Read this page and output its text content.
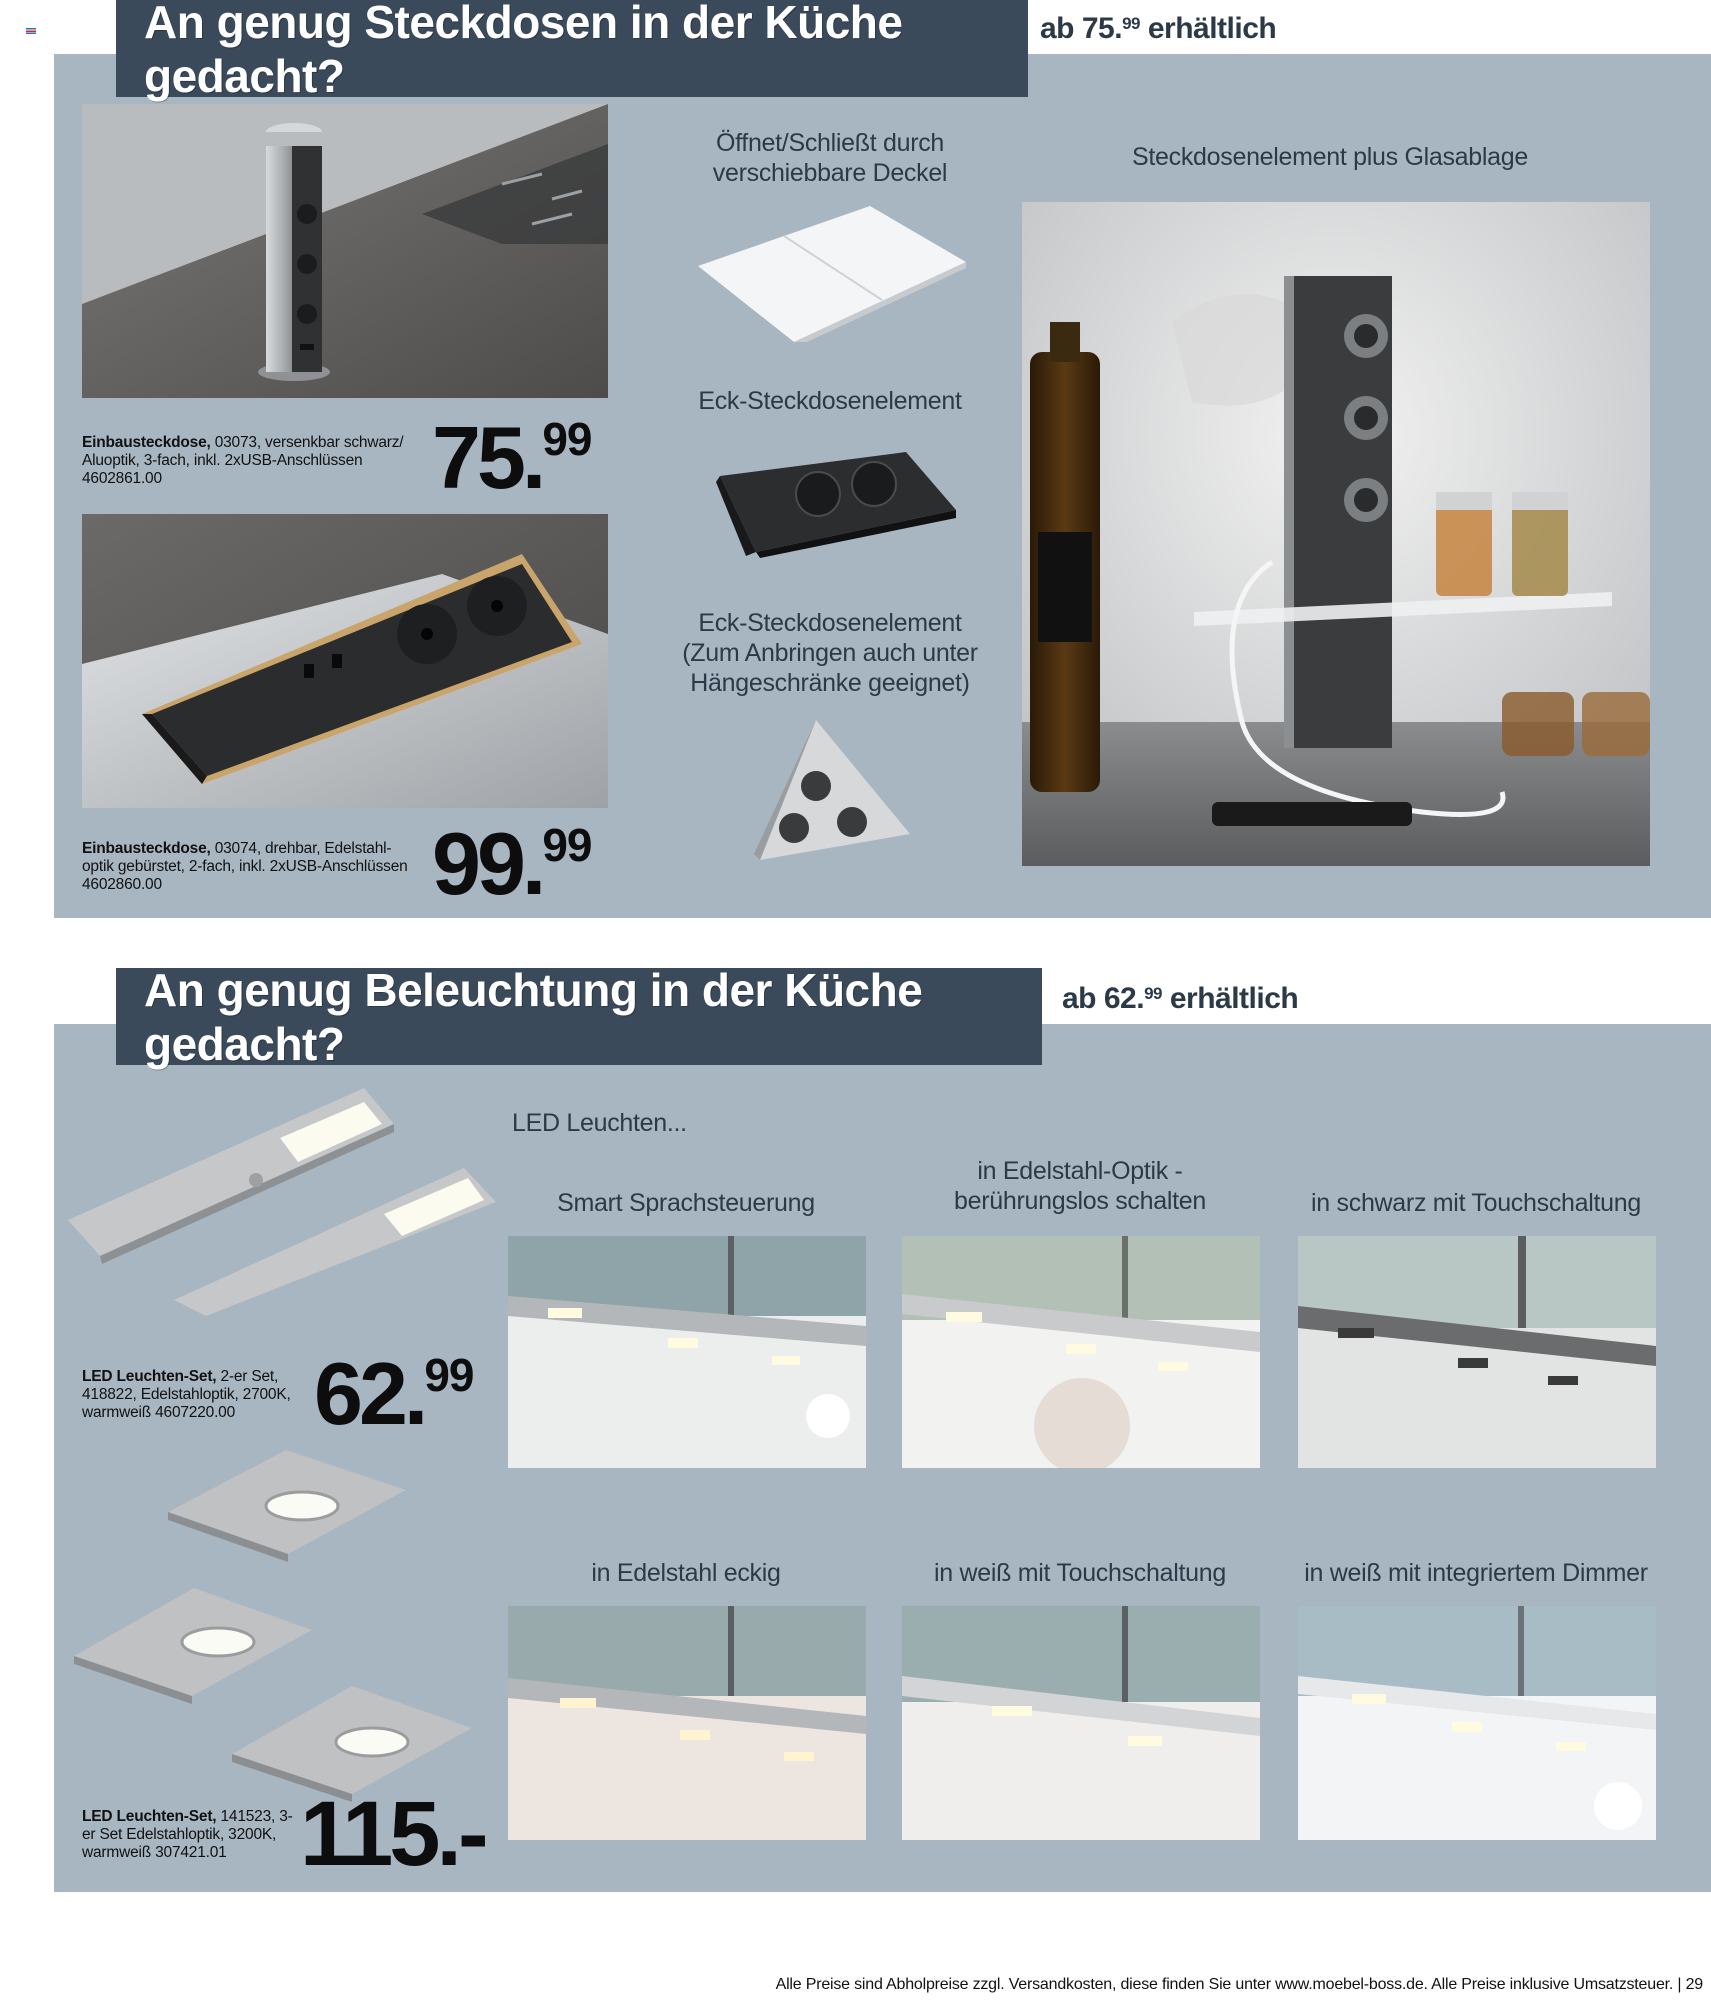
An genug Steckdosen in der Küche gedacht?
ab 75.99 erhältlich
Einbausteckdose, 03073, versenkbar schwarz/ Aluoptik, 3-fach, inkl. 2xUSB-Anschlüssen
4602861.00	75.99
Einbausteckdose, 03074, drehbar, Edelstahl- optik gebürstet, 2-fach, inkl. 2xUSB-Anschlüssen
4602860.00	99.99
Öffnet/Schließt durch verschiebbare Deckel
Eck-Steckdosenelement
Eck-Steckdosenelement (Zum Anbringen auch unter Hängeschränke geeignet)
Steckdosenelement plus Glasablage
An genug Beleuchtung in der Küche gedacht?
ab 62.99 erhältlich
LED Leuchten...
LED Leuchten-Set, 2-er Set, 418822, Edelstahloptik, 2700K, warmweiß 4607220.00 62.99
LED Leuchten-Set, 141523, 3-er Set Edelstahloptik, 3200K, warmweiß 307421.01 115.-
Smart Sprachsteuerung
in Edelstahl-Optik - berührungslos schalten	in schwarz mit Touchschaltung
in Edelstahl eckig	in weiß mit Touchschaltung	in weiß mit integriertem Dimmer
Alle Preise sind Abholpreise zzgl. Versandkosten, diese finden Sie unter www.moebel-boss.de. Alle Preise inklusive Umsatzsteuer. | 29
